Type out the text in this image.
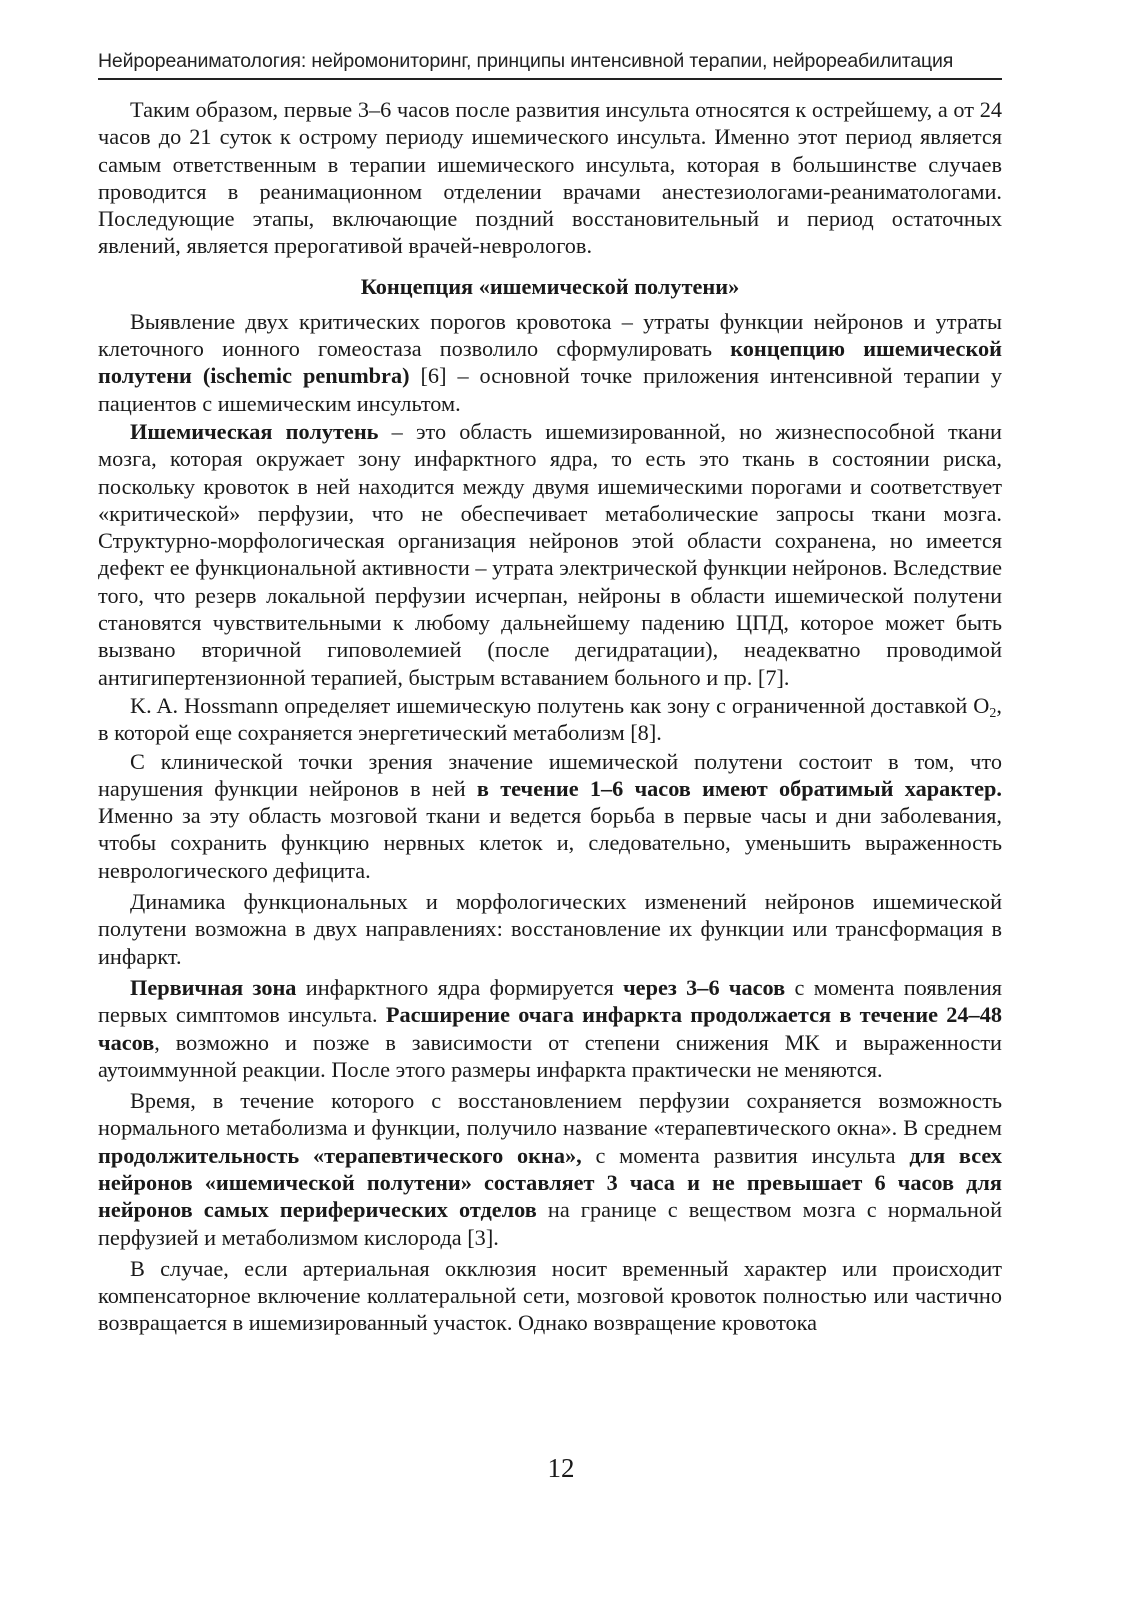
Нейрореаниматология: нейромониторинг, принципы интенсивной терапии, нейрореабилитация

Таким образом, первые 3–6 часов после развития инсульта относятся к острейшему, а от 24 часов до 21 суток к острому периоду ишемического инсульта. Именно этот период является самым ответственным в терапии ишемического инсульта, которая в большинстве случаев проводится в реанимационном отделении врачами анестезиологами-реаниматологами. Последующие этапы, включающие поздний восстановительный и период остаточных явлений, является прерогативой врачей-неврологов.

Концепция «ишемической полутени»

Выявление двух критических порогов кровотока – утраты функции нейронов и утраты клеточного ионного гомеостаза позволило сформулировать концепцию ишемической полутени (ischemic penumbra) [6] – основной точке приложения интенсивной терапии у пациентов с ишемическим инсультом.

Ишемическая полутень – это область ишемизированной, но жизнеспособной ткани мозга, которая окружает зону инфарктного ядра, то есть это ткань в состоянии риска, поскольку кровоток в ней находится между двумя ишемическими порогами и соответствует «критической» перфузии, что не обеспечивает метаболические запросы ткани мозга. Структурно-морфологическая организация нейронов этой области сохранена, но имеется дефект ее функциональной активности – утрата электрической функции нейронов. Вследствие того, что резерв локальной перфузии исчерпан, нейроны в области ишемической полутени становятся чувствительными к любому дальнейшему падению ЦПД, которое может быть вызвано вторичной гиповолемией (после дегидратации), неадекватно проводимой антигипертензионной терапией, быстрым вставанием больного и пр. [7].

K. A. Hossmann определяет ишемическую полутень как зону с ограниченной доставкой $O_2$, в которой еще сохраняется энергетический метаболизм [8].

С клинической точки зрения значение ишемической полутени состоит в том, что нарушения функции нейронов в ней в течение 1–6 часов имеют обратимый характер. Именно за эту область мозговой ткани и ведется борьба в первые часы и дни заболевания, чтобы сохранить функцию нервных клеток и, следовательно, уменьшить выраженность неврологического дефицита.

Динамика функциональных и морфологических изменений нейронов ишемической полутени возможна в двух направлениях: восстановление их функции или трансформация в инфаркт.

Первичная зона инфарктного ядра формируется через 3–6 часов с момента появления первых симптомов инсульта. Расширение очага инфаркта продолжается в течение 24–48 часов, возможно и позже в зависимости от степени снижения МК и выраженности аутоиммунной реакции. После этого размеры инфаркта практически не меняются.

Время, в течение которого с восстановлением перфузии сохраняется возможность нормального метаболизма и функции, получило название «терапевтического окна». В среднем продолжительность «терапевтического окна», с момента развития инсульта для всех нейронов «ишемической полутени» составляет 3 часа и не превышает 6 часов для нейронов самых периферических отделов на границе с веществом мозга с нормальной перфузией и метаболизмом кислорода [3].

В случае, если артериальная окклюзия носит временный характер или происходит компенсаторное включение коллатеральной сети, мозговой кровоток полностью или частично возвращается в ишемизированный участок. Однако возвращение кровотока

12
